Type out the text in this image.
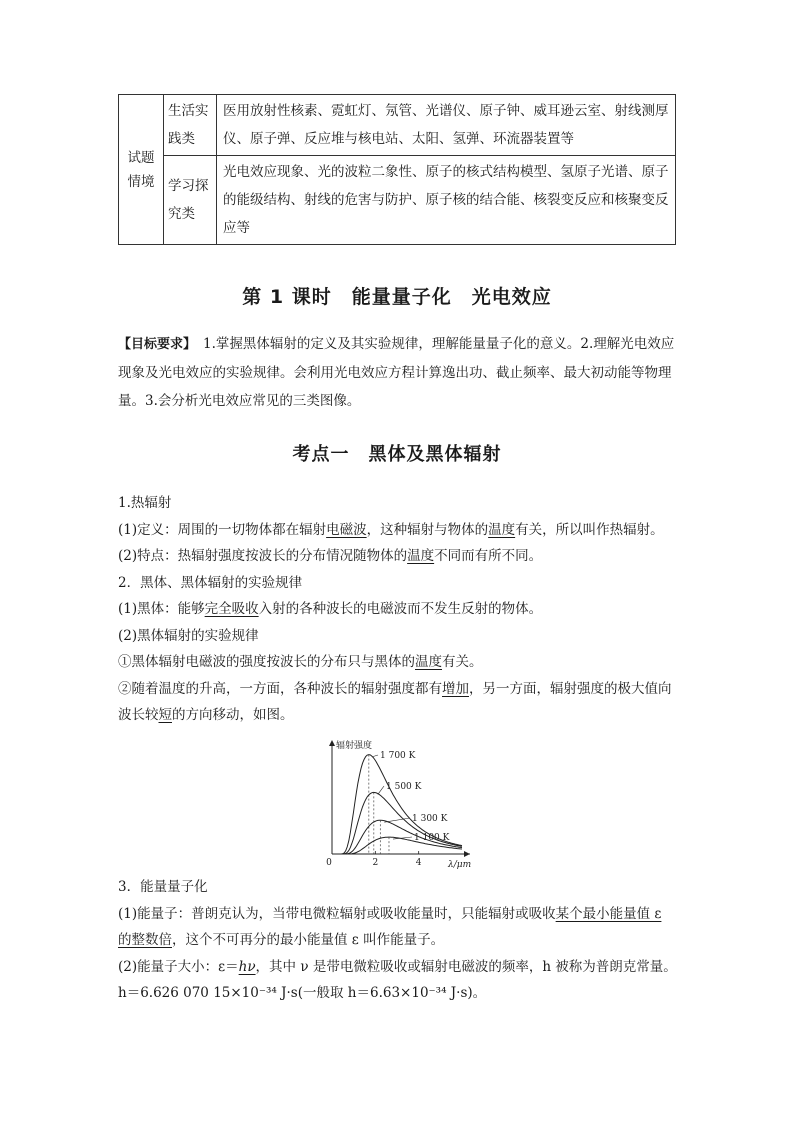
试题情境	生活实践类	医用放射性核素、霓虹灯、氖管、光谱仪、原子钟、威耳逊云室、射线测厚仪、原子弹、反应堆与核电站、太阳、氢弹、环流器装置等
	学习探究类	光电效应现象、光的波粒二象性、原子的核式结构模型、氢原子光谱、原子的能级结构、射线的危害与防护、原子核的结合能、核裂变反应和核聚变反应等
第 1 课时　能量量子化　光电效应
【目标要求】　1.掌握黑体辐射的定义及其实验规律，理解能量量子化的意义。2.理解光电效应现象及光电效应的实验规律。会利用光电效应方程计算逸出功、截止频率、最大初动能等物理量。3.会分析光电效应常见的三类图像。
考点一　黑体及黑体辐射

1.热辐射

(1)定义：周围的一切物体都在辐射电磁波，这种辐射与物体的温度有关，所以叫作热辐射。

(2)特点：热辐射强度按波长的分布情况随物体的温度不同而有所不同。

2．黑体、黑体辐射的实验规律

(1)黑体：能够完全吸收入射的各种波长的电磁波而不发生反射的物体。

(2)黑体辐射的实验规律

①黑体辐射电磁波的强度按波长的分布只与黑体的温度有关。

②随着温度的升高，一方面，各种波长的辐射强度都有增加，另一方面，辐射强度的极大值向波长较短的方向移动，如图。

辐射强度
λ/μm
0	2	4
1 700 K
1 500 K
1 300 K
1 100 K

3．能量量子化

(1)能量子：普朗克认为，当带电微粒辐射或吸收能量时，只能辐射或吸收某个最小能量值 ε 的整数倍，这个不可再分的最小能量值 ε 叫作能量子。

(2)能量子大小：ε＝hν，其中 ν 是带电微粒吸收或辐射电磁波的频率，h 被称为普朗克常量。

h＝6.626 070 15×10⁻³⁴ J·s(一般取 h＝6.63×10⁻³⁴ J·s)。
